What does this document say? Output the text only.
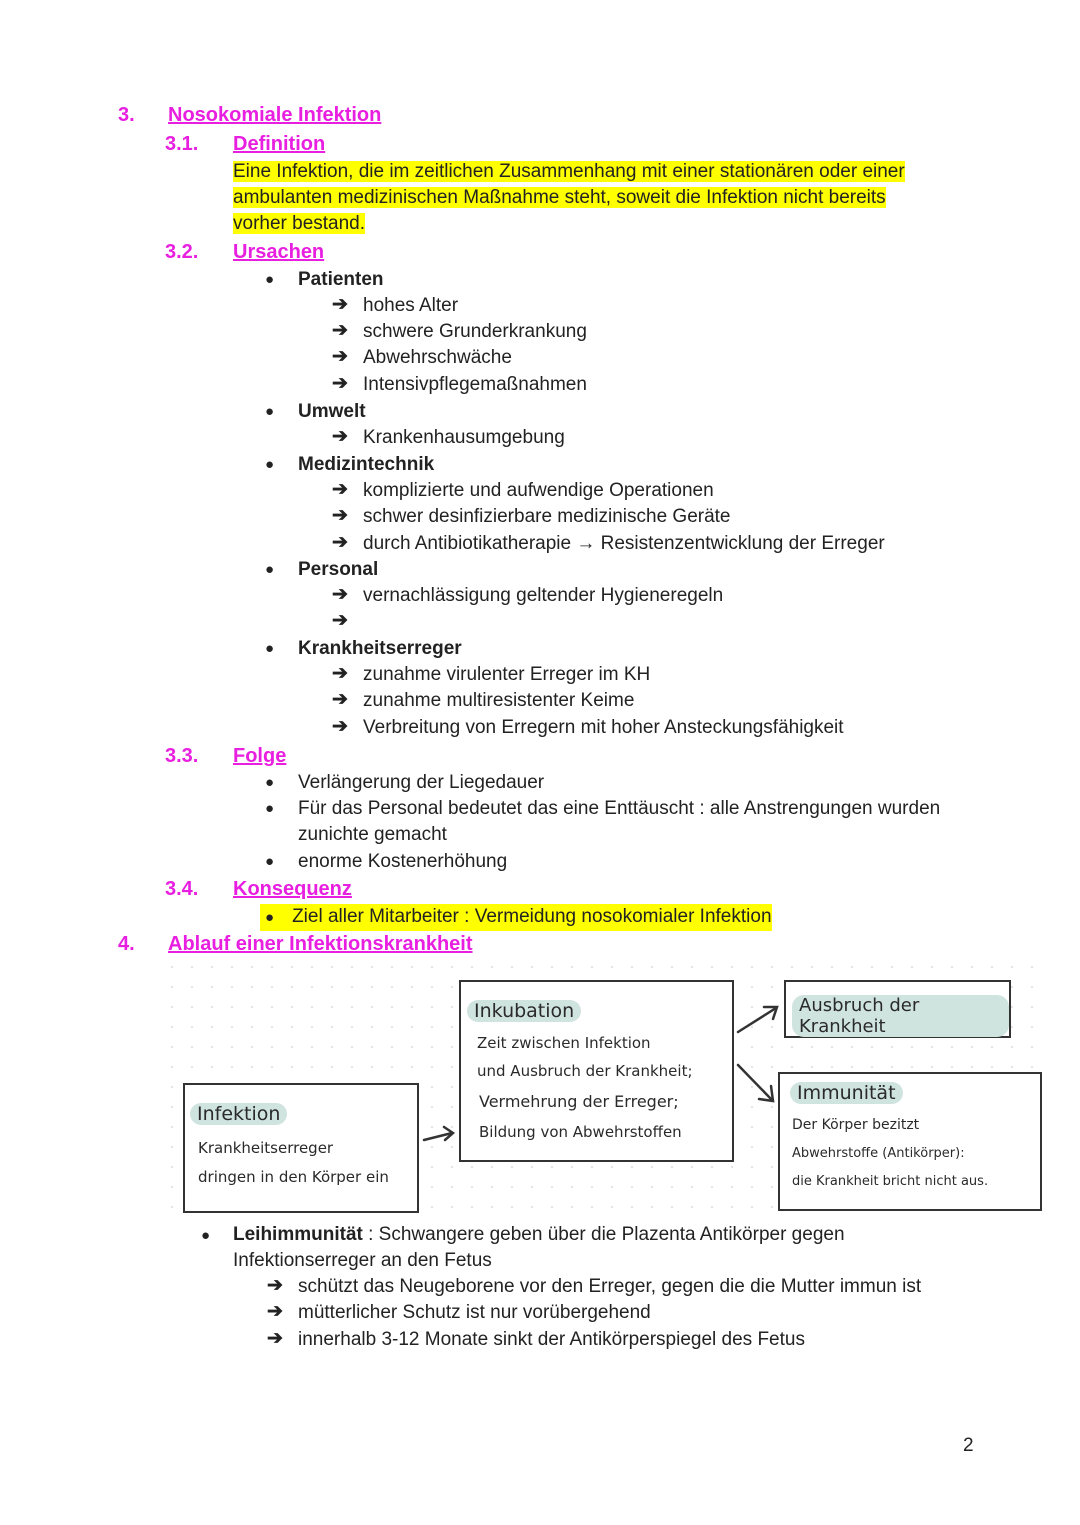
3. Nosokomiale Infektion
3.1. Definition
Eine Infektion, die im zeitlichen Zusammenhang mit einer stationären oder einer
ambulanten medizinischen Maßnahme steht, soweit die Infektion nicht bereits
vorher bestand.
3.2. Ursachen
● Patienten
➔ hohes Alter
➔ schwere Grunderkrankung
➔ Abwehrschwäche
➔ Intensivpflegemaßnahmen
● Umwelt
➔ Krankenhausumgebung
● Medizintechnik
➔ komplizierte und aufwendige Operationen
➔ schwer desinfizierbare medizinische Geräte
➔ durch Antibiotikatherapie → Resistenzentwicklung der Erreger
● Personal
➔ vernachlässigung geltender Hygieneregeln
➔
● Krankheitserreger
➔ zunahme virulenter Erreger im KH
➔ zunahme multiresistenter Keime
➔ Verbreitung von Erregern mit hoher Ansteckungsfähigkeit
3.3. Folge
● Verlängerung der Liegedauer
● Für das Personal bedeutet das eine Enttäuscht : alle Anstrengungen wurden
zunichte gemacht
● enorme Kostenerhöhung
3.4. Konsequenz
● Ziel aller Mitarbeiter : Vermeidung nosokomialer Infektion
4. Ablauf einer Infektionskrankheit
Infektion
Krankheitserreger
dringen in den Körper ein
Inkubation
Zeit zwischen Infektion
und Ausbruch der Krankheit;
Vermehrung der Erreger;
Bildung von Abwehrstoffen
Ausbruch der Krankheit
Immunität
Der Körper bezitzt
Abwehrstoffe (Antikörper):
die Krankheit bricht nicht aus.
● Leihimmunität : Schwangere geben über die Plazenta Antikörper gegen
Infektionserreger an den Fetus
➔ schützt das Neugeborene vor den Erreger, gegen die die Mutter immun ist
➔ mütterlicher Schutz ist nur vorübergehend
➔ innerhalb 3-12 Monate sinkt der Antikörperspiegel des Fetus
2
